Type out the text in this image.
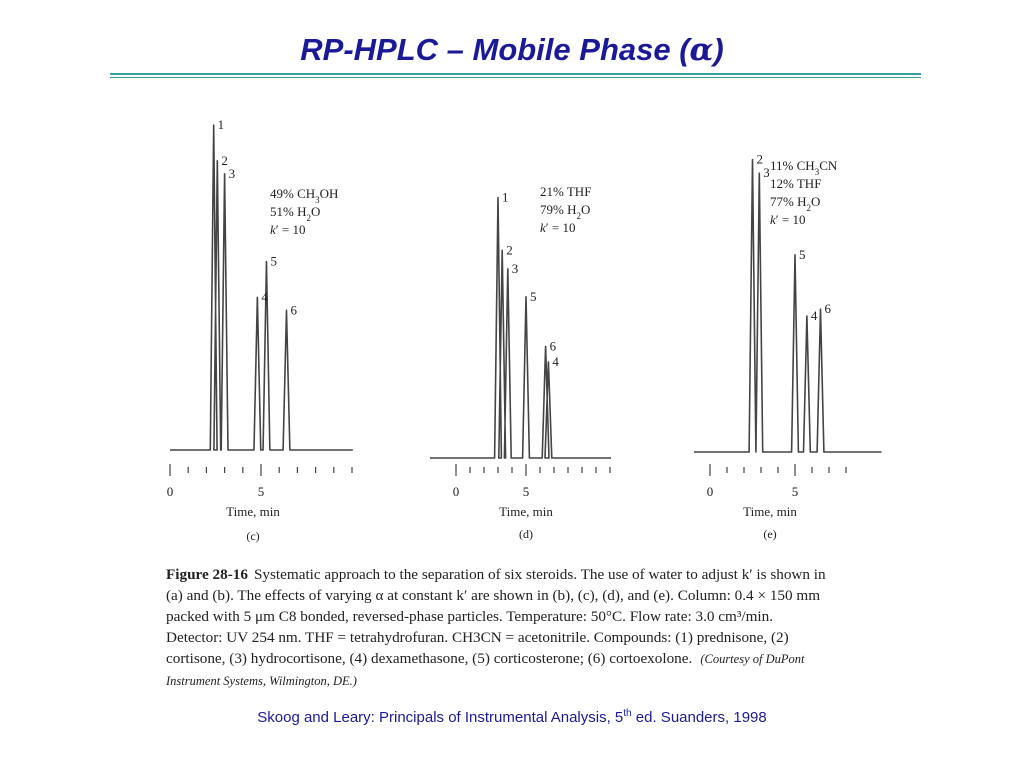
RP-HPLC – Mobile Phase (α)
1
2
3
4
5
6
0	5
Time, min
(c)
49% $CH_3OH$
51% $H_2O$
k′ = 10
1
2
3
5
6
4
0	5
Time, min
(d)
21% THF
79% $H_2O$
k′ = 10
2
3
5
4 6
0	5
Time, min
(e)
11% $CH_3CN$
12% THF
77% $H_2O$
k′ = 10

Figure 28-16 Systematic approach to the separation of six steroids. The use of water to adjust k′ is shown in (a) and (b). The effects of varying α at constant k′ are shown in (b), (c), (d), and (e). Column: 0.4 × 150 mm packed with 5 μm C8 bonded, reversed-phase particles. Temperature: 50°C. Flow rate: 3.0 cm³/min. Detector: UV 254 nm. THF = tetrahydrofuran. CH3CN = acetonitrile. Compounds: (1) prednisone, (2) cortisone, (3) hydrocortisone, (4) dexamethasone, (5) corticosterone; (6) cortoexolone. (Courtesy of DuPont Instrument Systems, Wilmington, DE.)

Skoog and Leary: Principals of Instrumental Analysis, 5th ed. Suanders, 1998
